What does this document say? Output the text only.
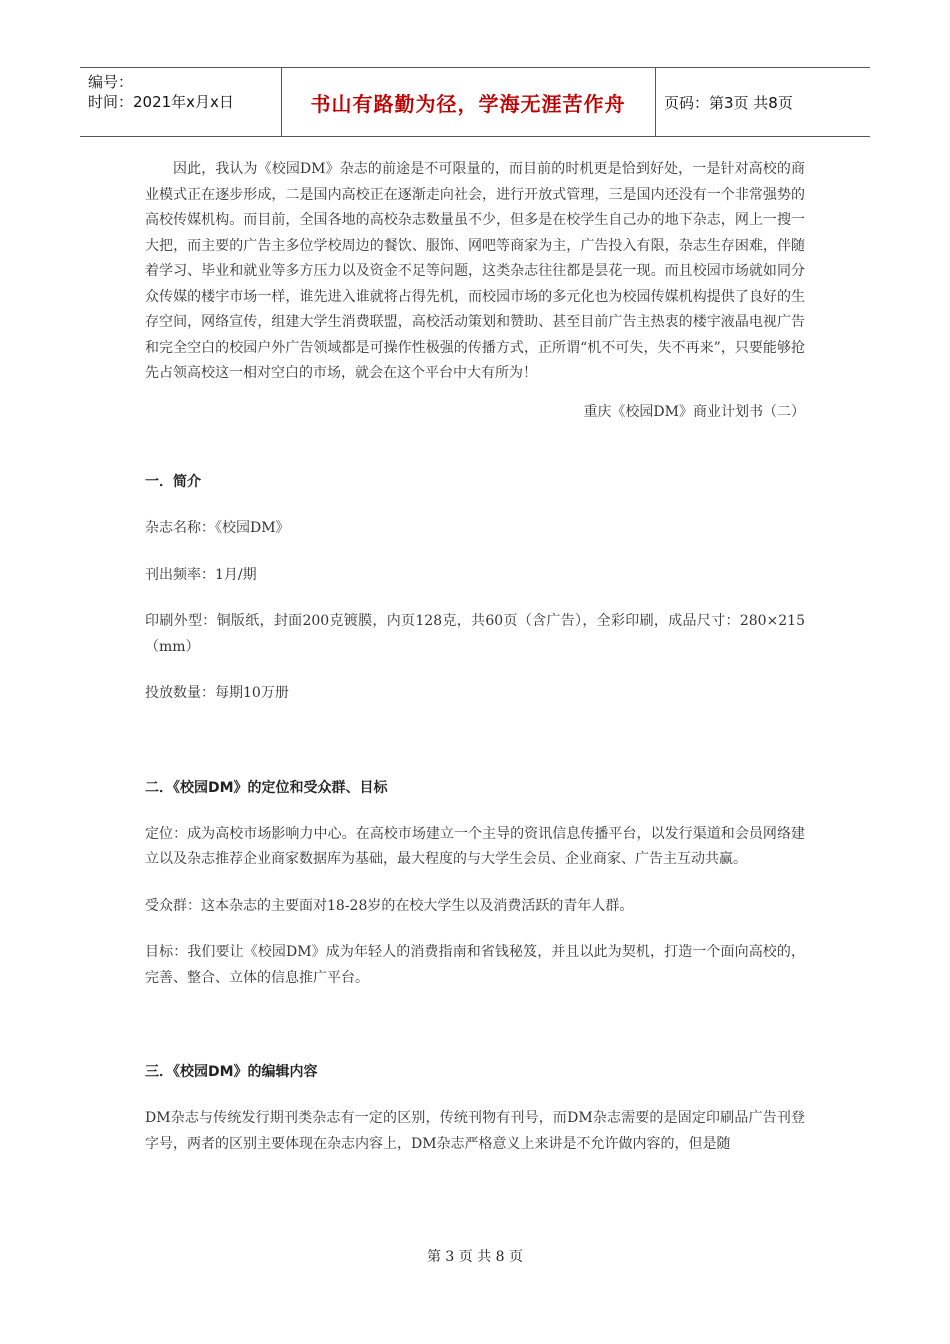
编号：
时间：2021年x月x日	书山有路勤为径，学海无涯苦作舟	页码：第3页 共8页

因此，我认为《校园DM》杂志的前途是不可限量的，而目前的时机更是恰到好处，一是针对高校的商业模式正在逐步形成，二是国内高校正在逐渐走向社会，进行开放式管理，三是国内还没有一个非常强势的高校传媒机构。而目前，全国各地的高校杂志数量虽不少，但多是在校学生自己办的地下杂志，网上一搜一大把，而主要的广告主多位学校周边的餐饮、服饰、网吧等商家为主，广告投入有限，杂志生存困难，伴随着学习、毕业和就业等多方压力以及资金不足等问题，这类杂志往往都是昙花一现。而且校园市场就如同分众传媒的楼宇市场一样，谁先进入谁就将占得先机，而校园市场的多元化也为校园传媒机构提供了良好的生存空间，网络宣传，组建大学生消费联盟，高校活动策划和赞助、甚至目前广告主热衷的楼宇液晶电视广告和完全空白的校园户外广告领域都是可操作性极强的传播方式，正所谓“机不可失，失不再来”，只要能够抢先占领高校这一相对空白的市场，就会在这个平台中大有所为！

重庆《校园DM》商业计划书（二）

一．简介

杂志名称：《校园DM》

刊出频率：1月/期

印刷外型：铜版纸，封面200克镀膜，内页128克，共60页（含广告），全彩印刷，成品尺寸：280×215（mm）

投放数量：每期10万册

二．《校园DM》的定位和受众群、目标

定位：成为高校市场影响力中心。在高校市场建立一个主导的资讯信息传播平台，以发行渠道和会员网络建立以及杂志推荐企业商家数据库为基础，最大程度的与大学生会员、企业商家、广告主互动共赢。

受众群：这本杂志的主要面对18-28岁的在校大学生以及消费活跃的青年人群。

目标：我们要让《校园DM》成为年轻人的消费指南和省钱秘笈，并且以此为契机，打造一个面向高校的，完善、整合、立体的信息推广平台。

三．《校园DM》的编辑内容

DM杂志与传统发行期刊类杂志有一定的区别，传统刊物有刊号，而DM杂志需要的是固定印刷品广告刊登字号，两者的区别主要体现在杂志内容上，DM杂志严格意义上来讲是不允许做内容的，但是随

第 3 页 共 8 页
